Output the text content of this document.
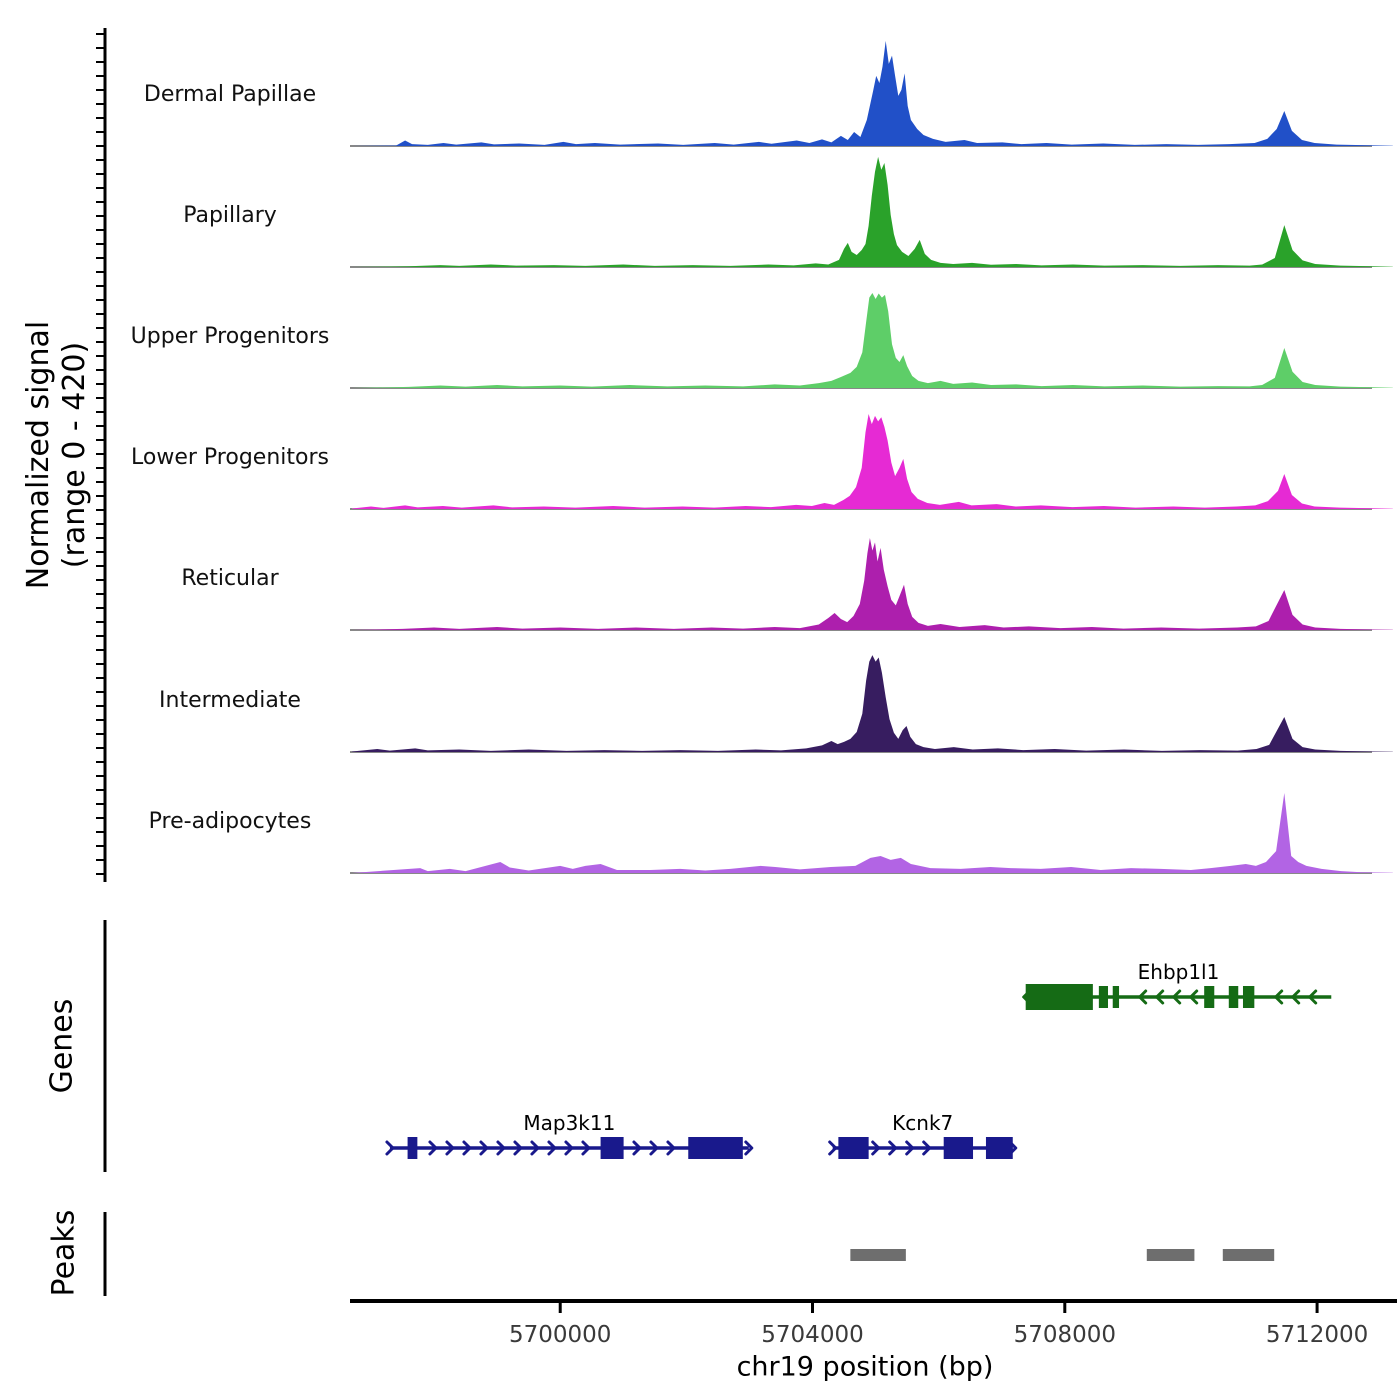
Dermal Papillae
Papillary
Upper Progenitors
Lower Progenitors
Reticular
Intermediate
Pre-adipocytes
Ehbp1l1
Map3k11	Kcnk7
5700000	5704000	5708000	5712000
Normalized signal (range 0 - 420)
Genes
Peaks
chr19 position (bp)
